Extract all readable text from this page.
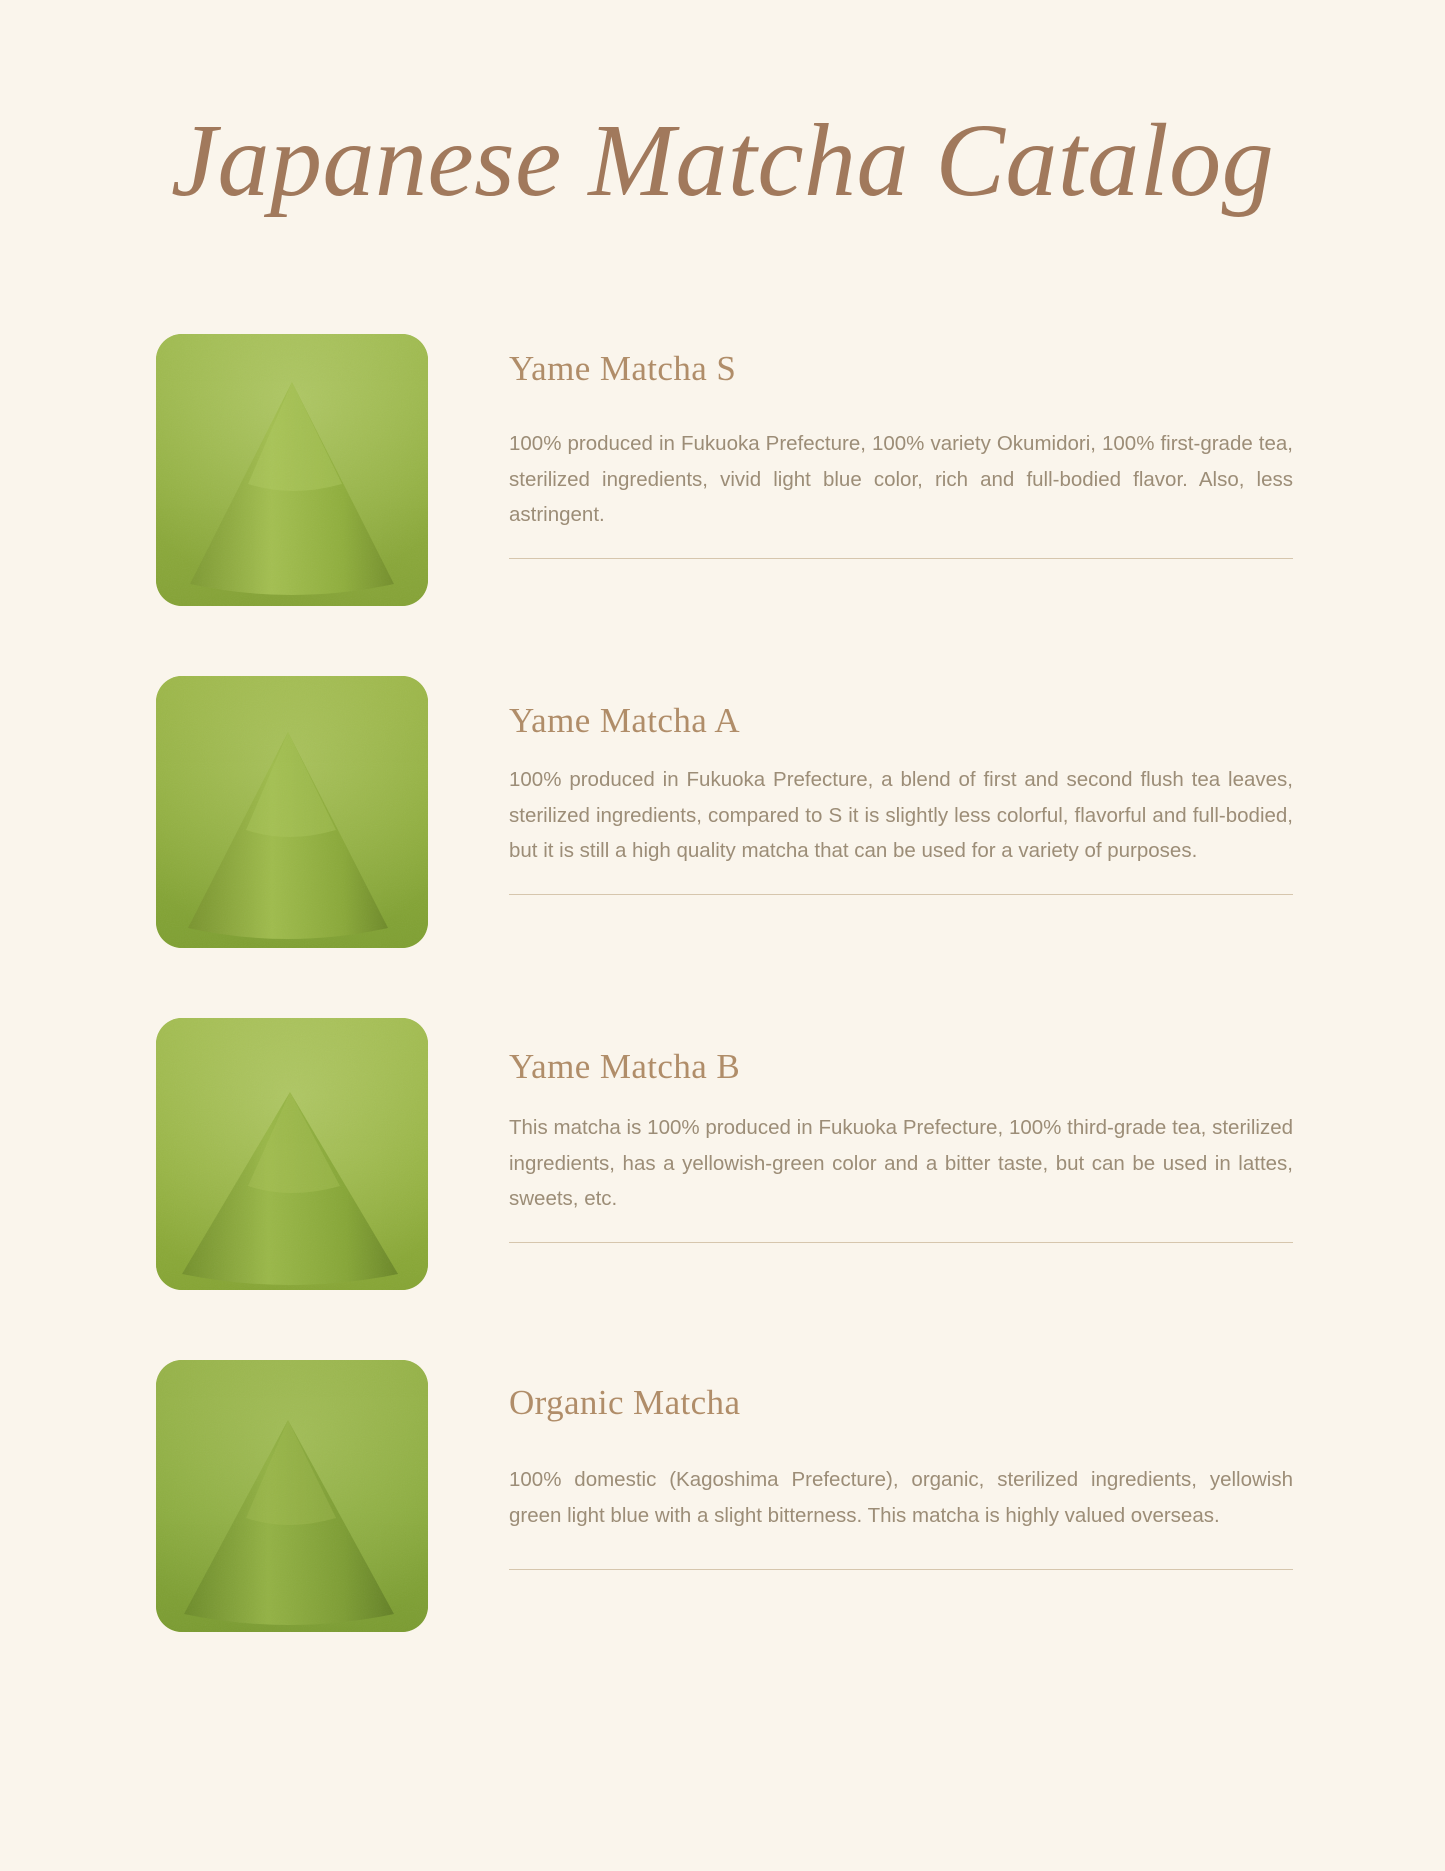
Japanese Matcha Catalog
Yame Matcha S

100% produced in Fukuoka Prefecture, 100% variety Okumidori, 100% first-grade tea, sterilized ingredients, vivid light blue color, rich and full-bodied flavor. Also, less astringent.

Yame Matcha A

100% produced in Fukuoka Prefecture, a blend of first and second flush tea leaves, sterilized ingredients, compared to S it is slightly less colorful, flavorful and full-bodied, but it is still a high quality matcha that can be used for a variety of purposes.

Yame Matcha B

This matcha is 100% produced in Fukuoka Prefecture, 100% third-grade tea, sterilized ingredients, has a yellowish-green color and a bitter taste, but can be used in lattes, sweets, etc.

Organic Matcha

100% domestic (Kagoshima Prefecture), organic, sterilized ingredients, yellowish green light blue with a slight bitterness. This matcha is highly valued overseas.
